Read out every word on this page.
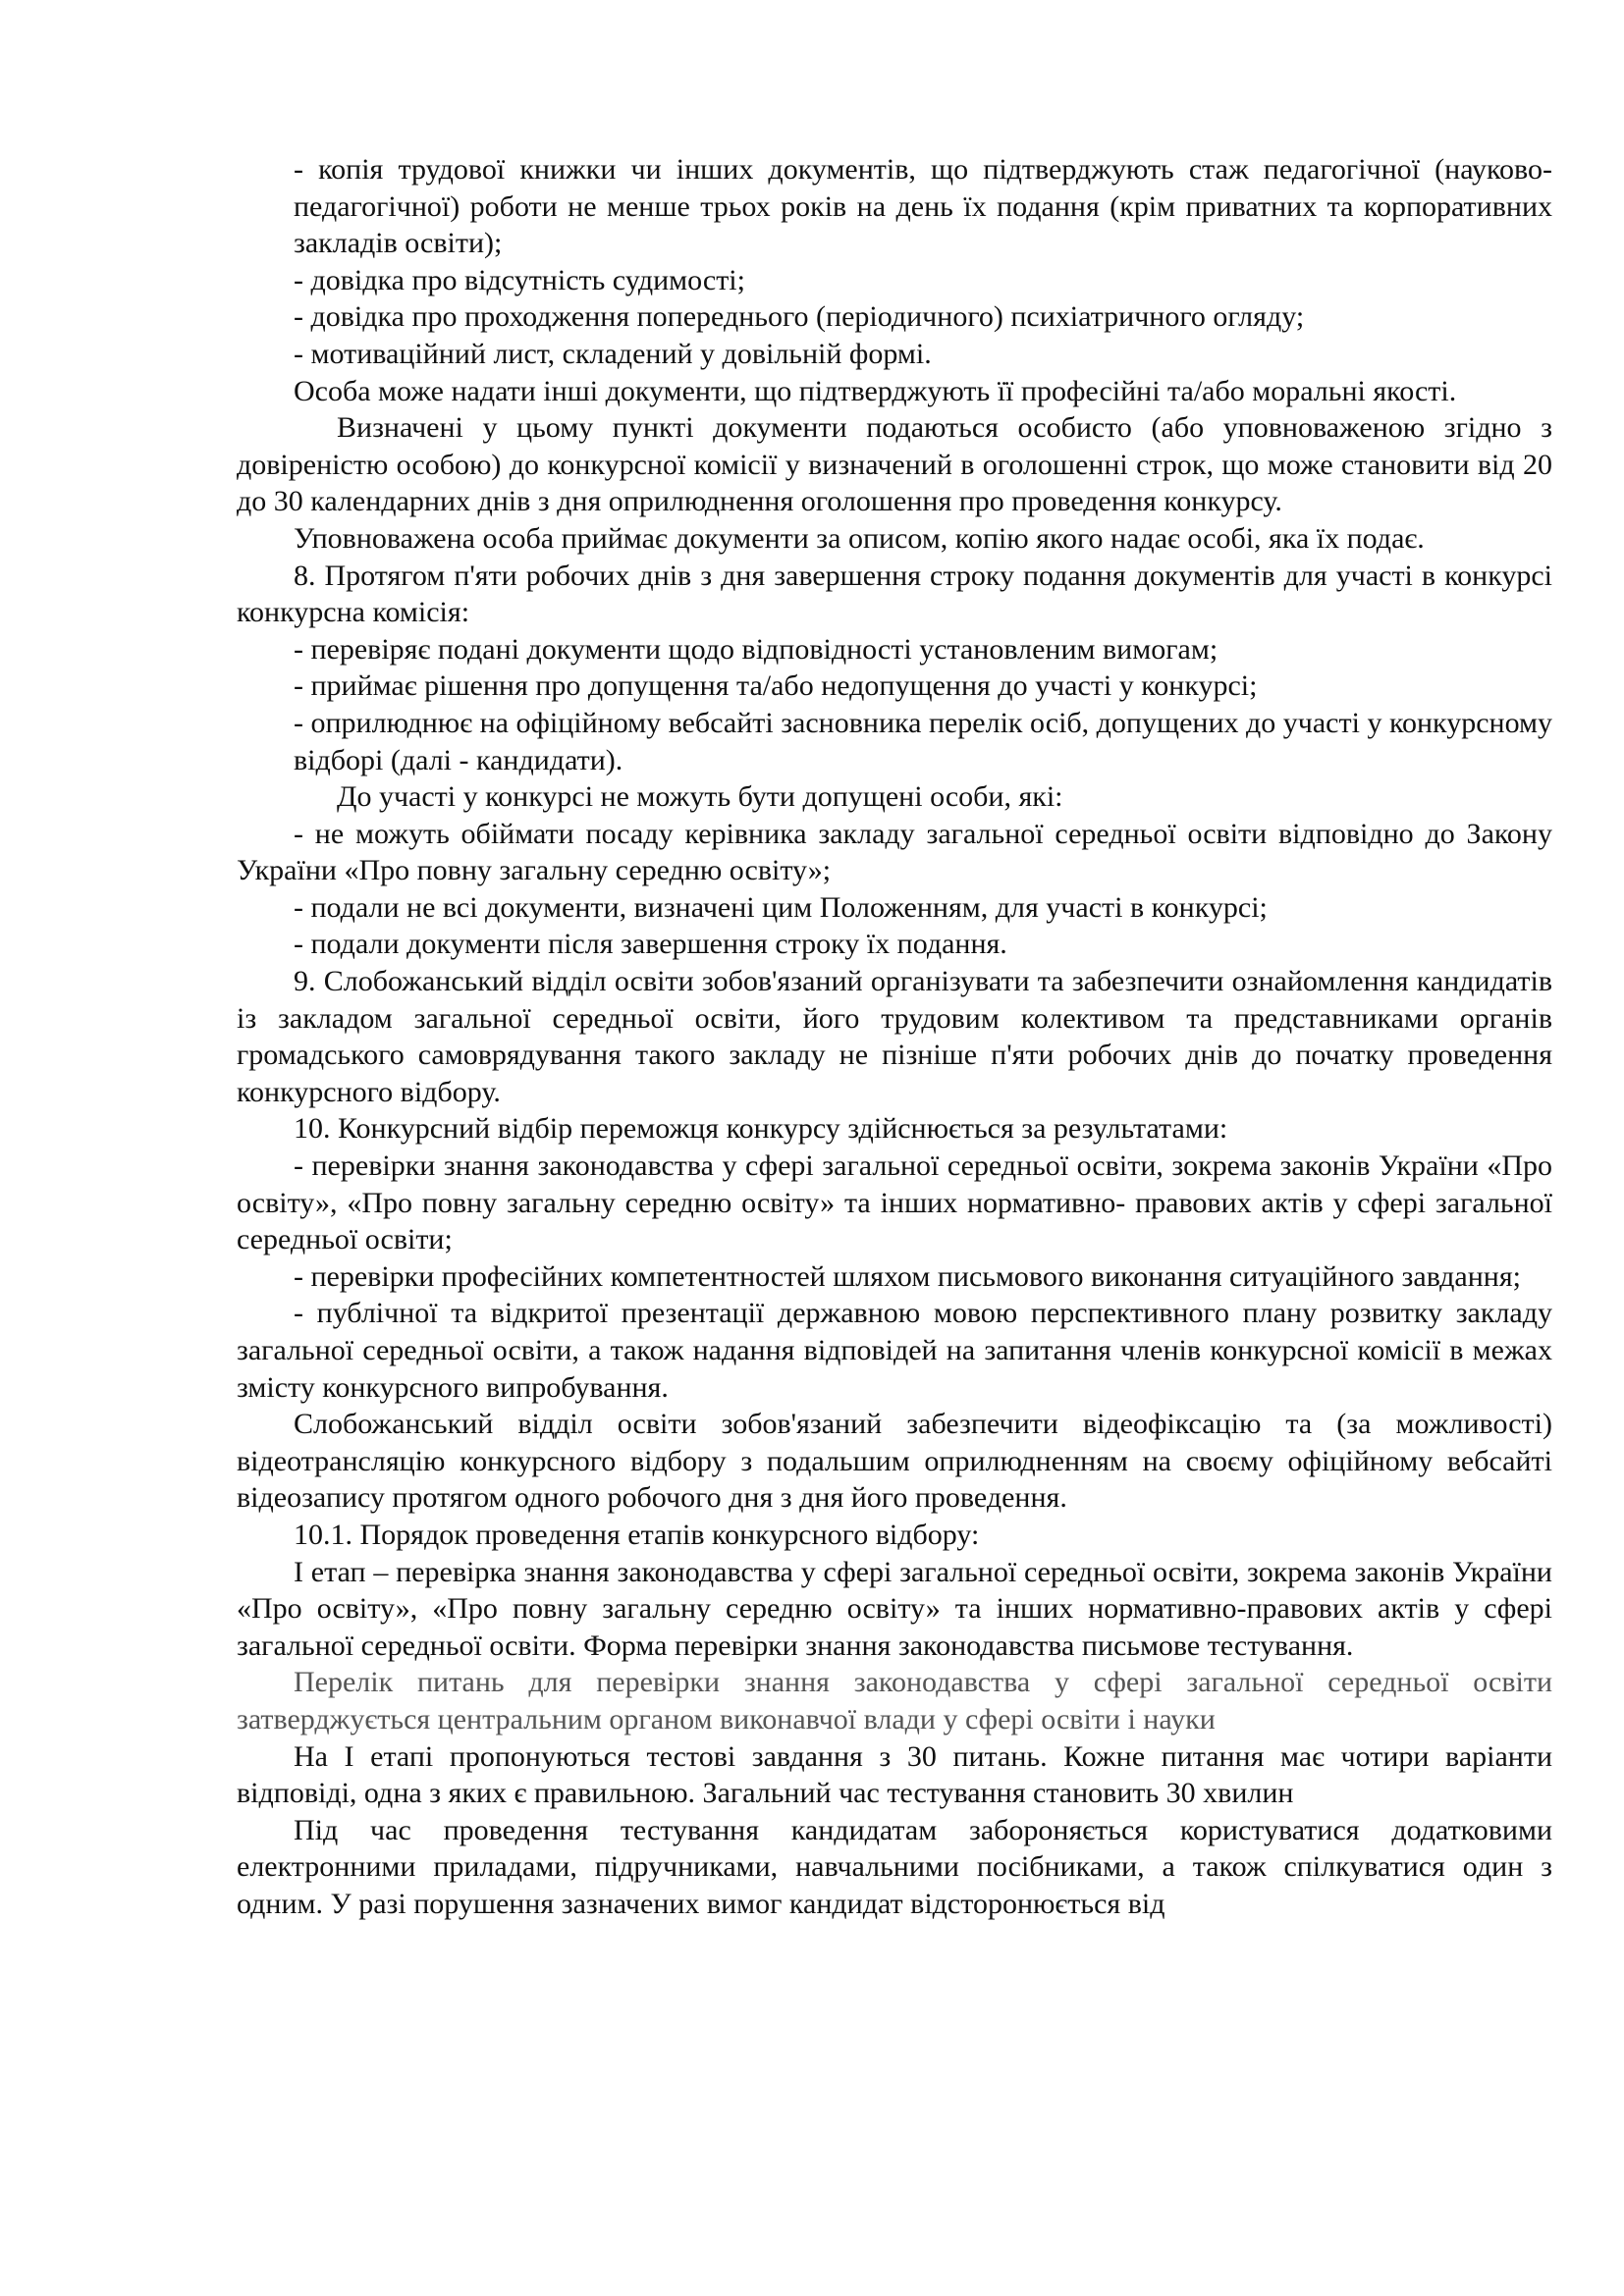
- копія трудової книжки чи інших документів, що підтверджують стаж педагогічної (науково-педагогічної) роботи не менше трьох років на день їх подання (крім приватних та корпоративних закладів освіти);

- довідка про відсутність судимості;

- довідка про проходження попереднього (періодичного) психіатричного огляду;

- мотиваційний лист, складений у довільній формі.

Особа може надати інші документи, що підтверджують її професійні та/або моральні якості.

Визначені у цьому пункті документи подаються особисто (або уповноваженою згідно з довіреністю особою) до конкурсної комісії у визначений в оголошенні строк, що може становити від 20 до 30 календарних днів з дня оприлюднення оголошення про проведення конкурсу.

Уповноважена особа приймає документи за описом, копію якого надає особі, яка їх подає.

8. Протягом п'яти робочих днів з дня завершення строку подання документів для участі в конкурсі конкурсна комісія:

- перевіряє подані документи щодо відповідності установленим вимогам;

- приймає рішення про допущення та/або недопущення до участі у конкурсі;

- оприлюднює на офіційному вебсайті засновника перелік осіб, допущених до участі у конкурсному відборі (далі - кандидати).

До участі у конкурсі не можуть бути допущені особи, які:

- не можуть обіймати посаду керівника закладу загальної середньої освіти відповідно до Закону України «Про повну загальну середню освіту»;

- подали не всі документи, визначені цим Положенням, для участі в конкурсі;

- подали документи після завершення строку їх подання.

9. Слобожанський відділ освіти зобов'язаний організувати та забезпечити ознайомлення кандидатів із закладом загальної середньої освіти, його трудовим колективом та представниками органів громадського самоврядування такого закладу не пізніше п'яти робочих днів до початку проведення конкурсного відбору.

10. Конкурсний відбір переможця конкурсу здійснюється за результатами:

- перевірки знання законодавства у сфері загальної середньої освіти, зокрема законів України «Про освіту», «Про повну загальну середню освіту» та інших нормативно- правових актів у сфері загальної середньої освіти;

- перевірки професійних компетентностей шляхом письмового виконання ситуаційного завдання;

- публічної та відкритої презентації державною мовою перспективного плану розвитку закладу загальної середньої освіти, а також надання відповідей на запитання членів конкурсної комісії в межах змісту конкурсного випробування.

Слобожанський відділ освіти зобов'язаний забезпечити відеофіксацію та (за можливості) відеотрансляцію конкурсного відбору з подальшим оприлюдненням на своєму офіційному вебсайті відеозапису протягом одного робочого дня з дня його проведення.

10.1. Порядок проведення етапів конкурсного відбору:

І етап – перевірка знання законодавства у сфері загальної середньої освіти, зокрема законів України «Про освіту», «Про повну загальну середню освіту» та інших нормативно-правових актів у сфері загальної середньої освіти. Форма перевірки знання законодавства письмове тестування.

Перелік питань для перевірки знання законодавства у сфері загальної середньої освіти затверджується центральним органом виконавчої влади у сфері освіти і науки

На І етапі пропонуються тестові завдання з 30 питань. Кожне питання має чотири варіанти відповіді, одна з яких є правильною. Загальний час тестування становить 30 хвилин

Під час проведення тестування кандидатам забороняється користуватися додатковими електронними приладами, підручниками, навчальними посібниками, а також спілкуватися один з одним. У разі порушення зазначених вимог кандидат відсторонюється від
